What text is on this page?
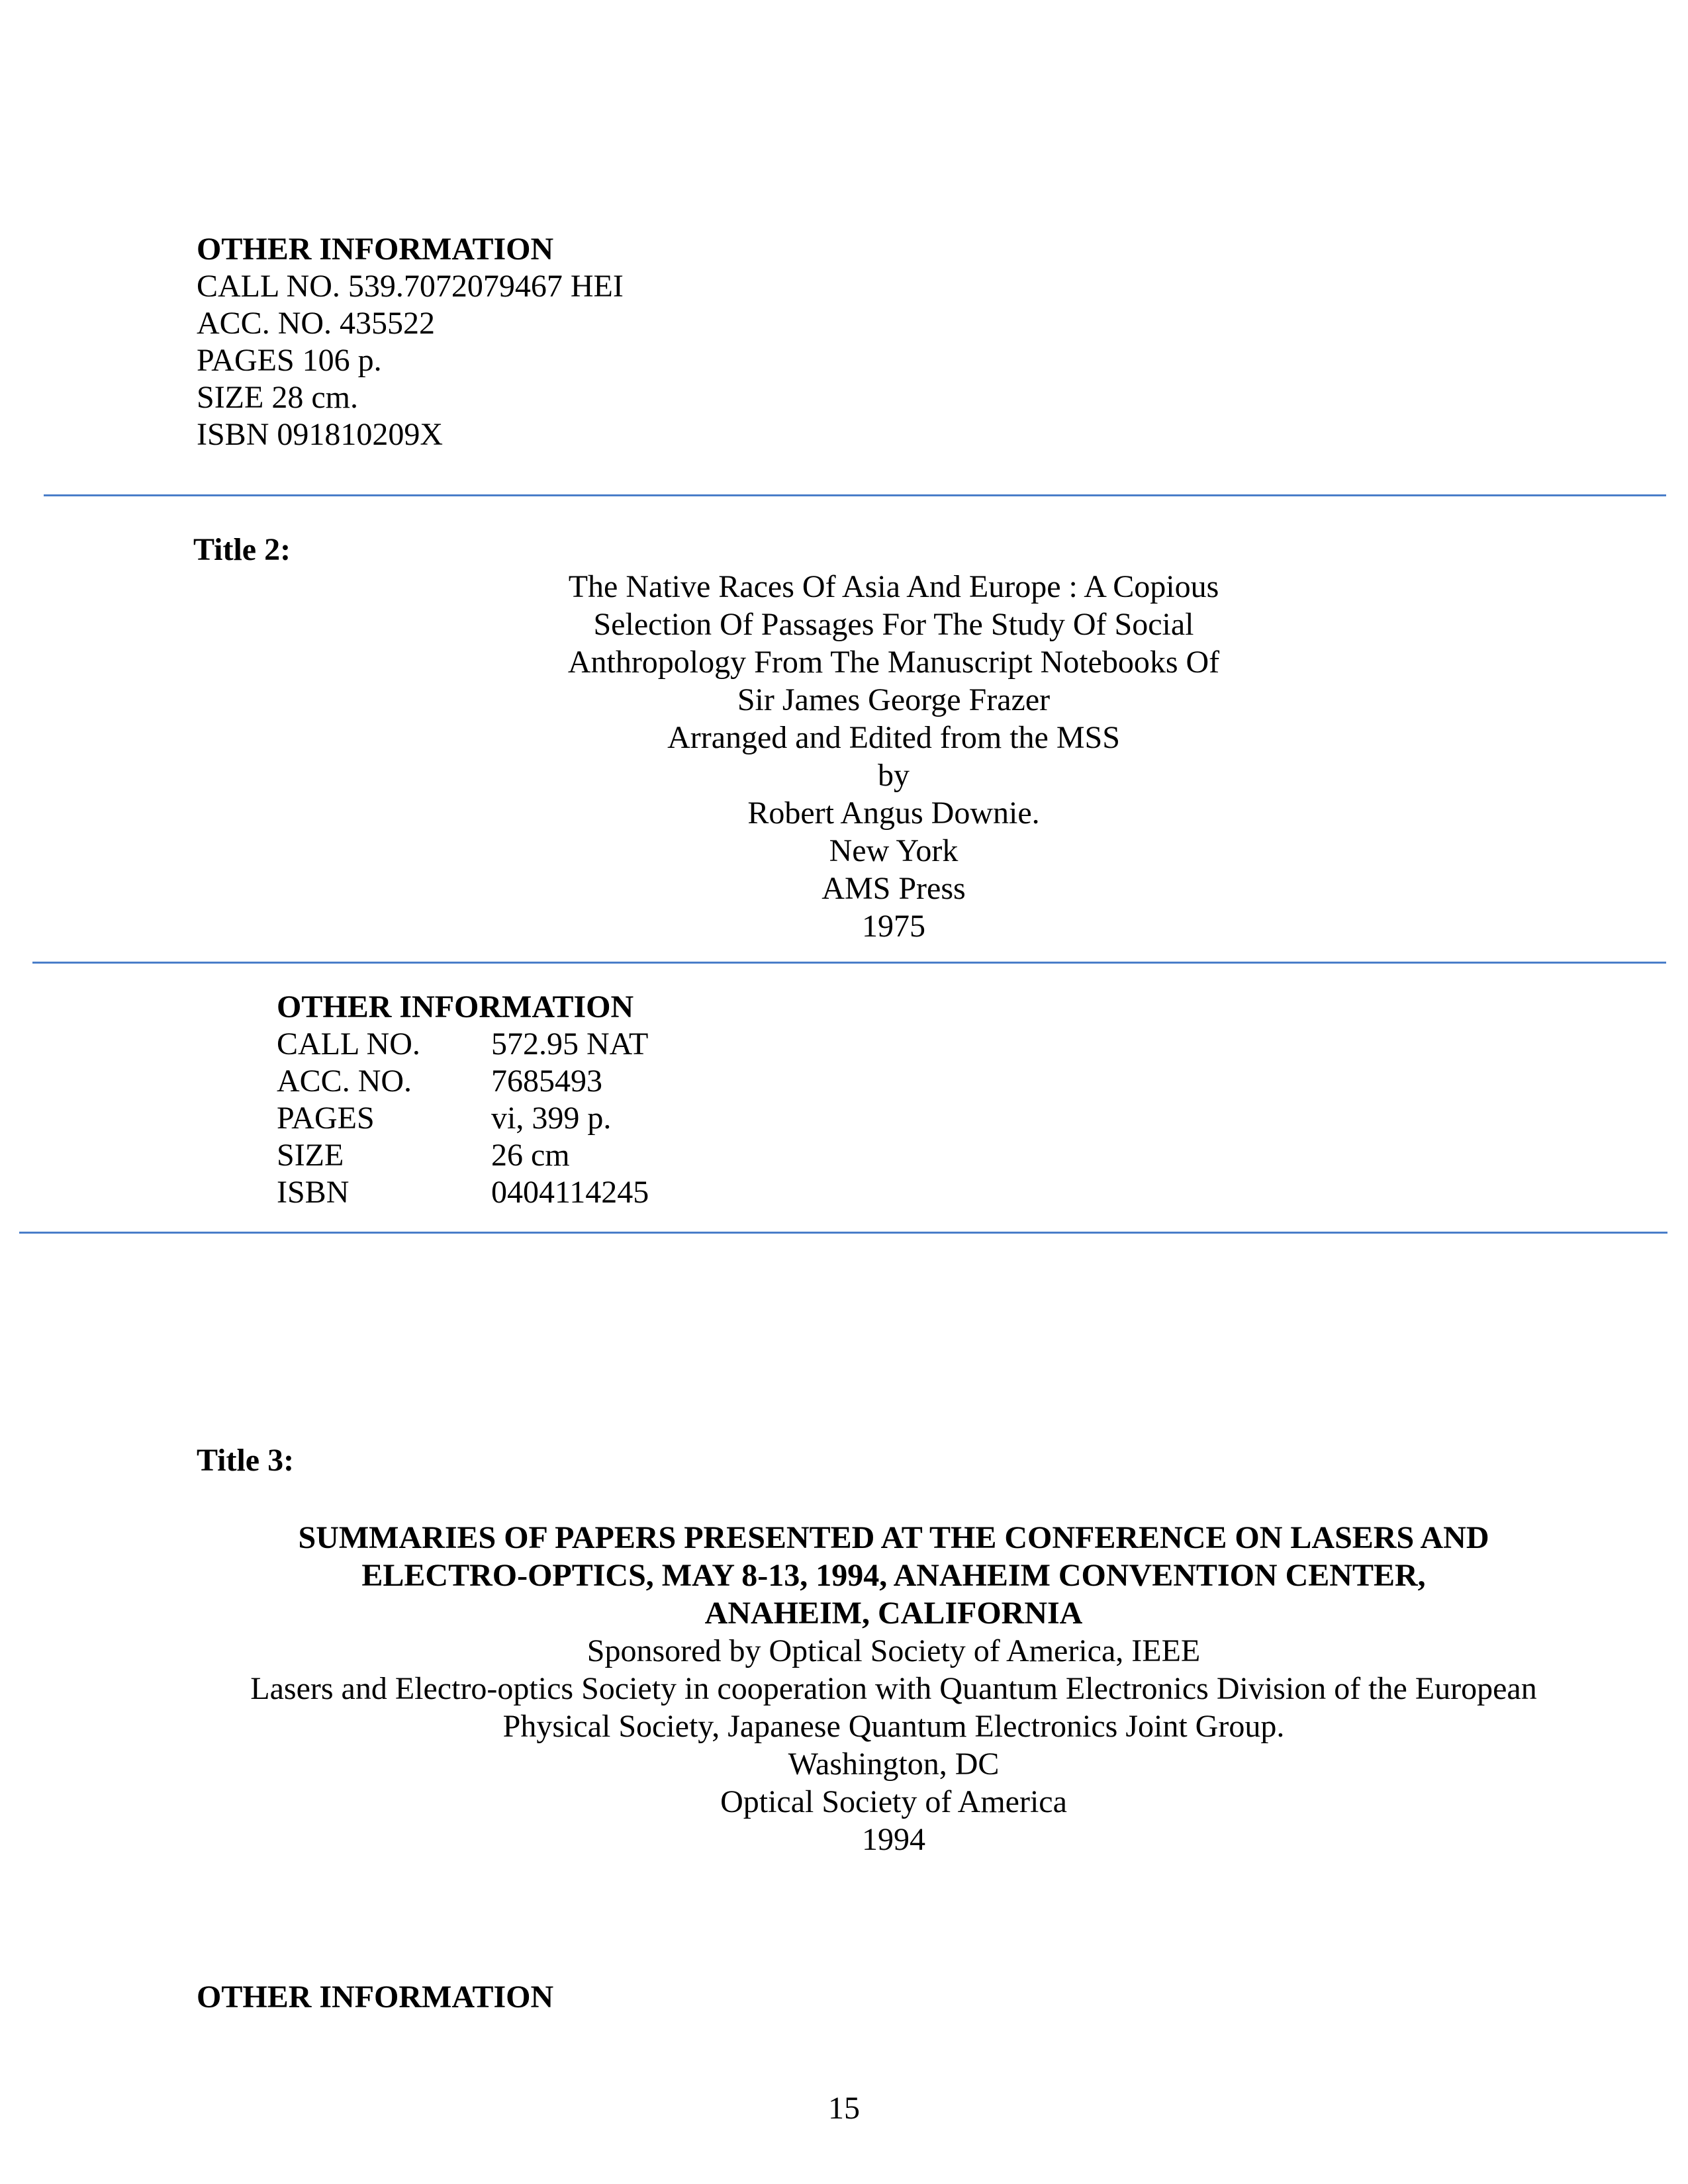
OTHER INFORMATION
CALL NO. 539.7072079467 HEI
ACC. NO. 435522
PAGES 106 p.
SIZE 28 cm.
ISBN 091810209X
Title 2:
The Native Races Of Asia And Europe : A Copious
Selection Of Passages For The Study Of Social
Anthropology From The Manuscript Notebooks Of
Sir James George Frazer
Arranged and Edited from the MSS
by
Robert Angus Downie.
New York
AMS Press
1975
OTHER INFORMATION
CALL NO.	572.95 NAT
ACC. NO.	7685493
PAGES	vi, 399 p.
SIZE	26 cm
ISBN	0404114245
Title 3:
SUMMARIES OF PAPERS PRESENTED AT THE CONFERENCE ON LASERS AND
ELECTRO-OPTICS, MAY 8-13, 1994, ANAHEIM CONVENTION CENTER,
ANAHEIM, CALIFORNIA
Sponsored by Optical Society of America, IEEE
Lasers and Electro-optics Society in cooperation with Quantum Electronics Division of the European
Physical Society, Japanese Quantum Electronics Joint Group.
Washington, DC
Optical Society of America
1994
OTHER INFORMATION
15
